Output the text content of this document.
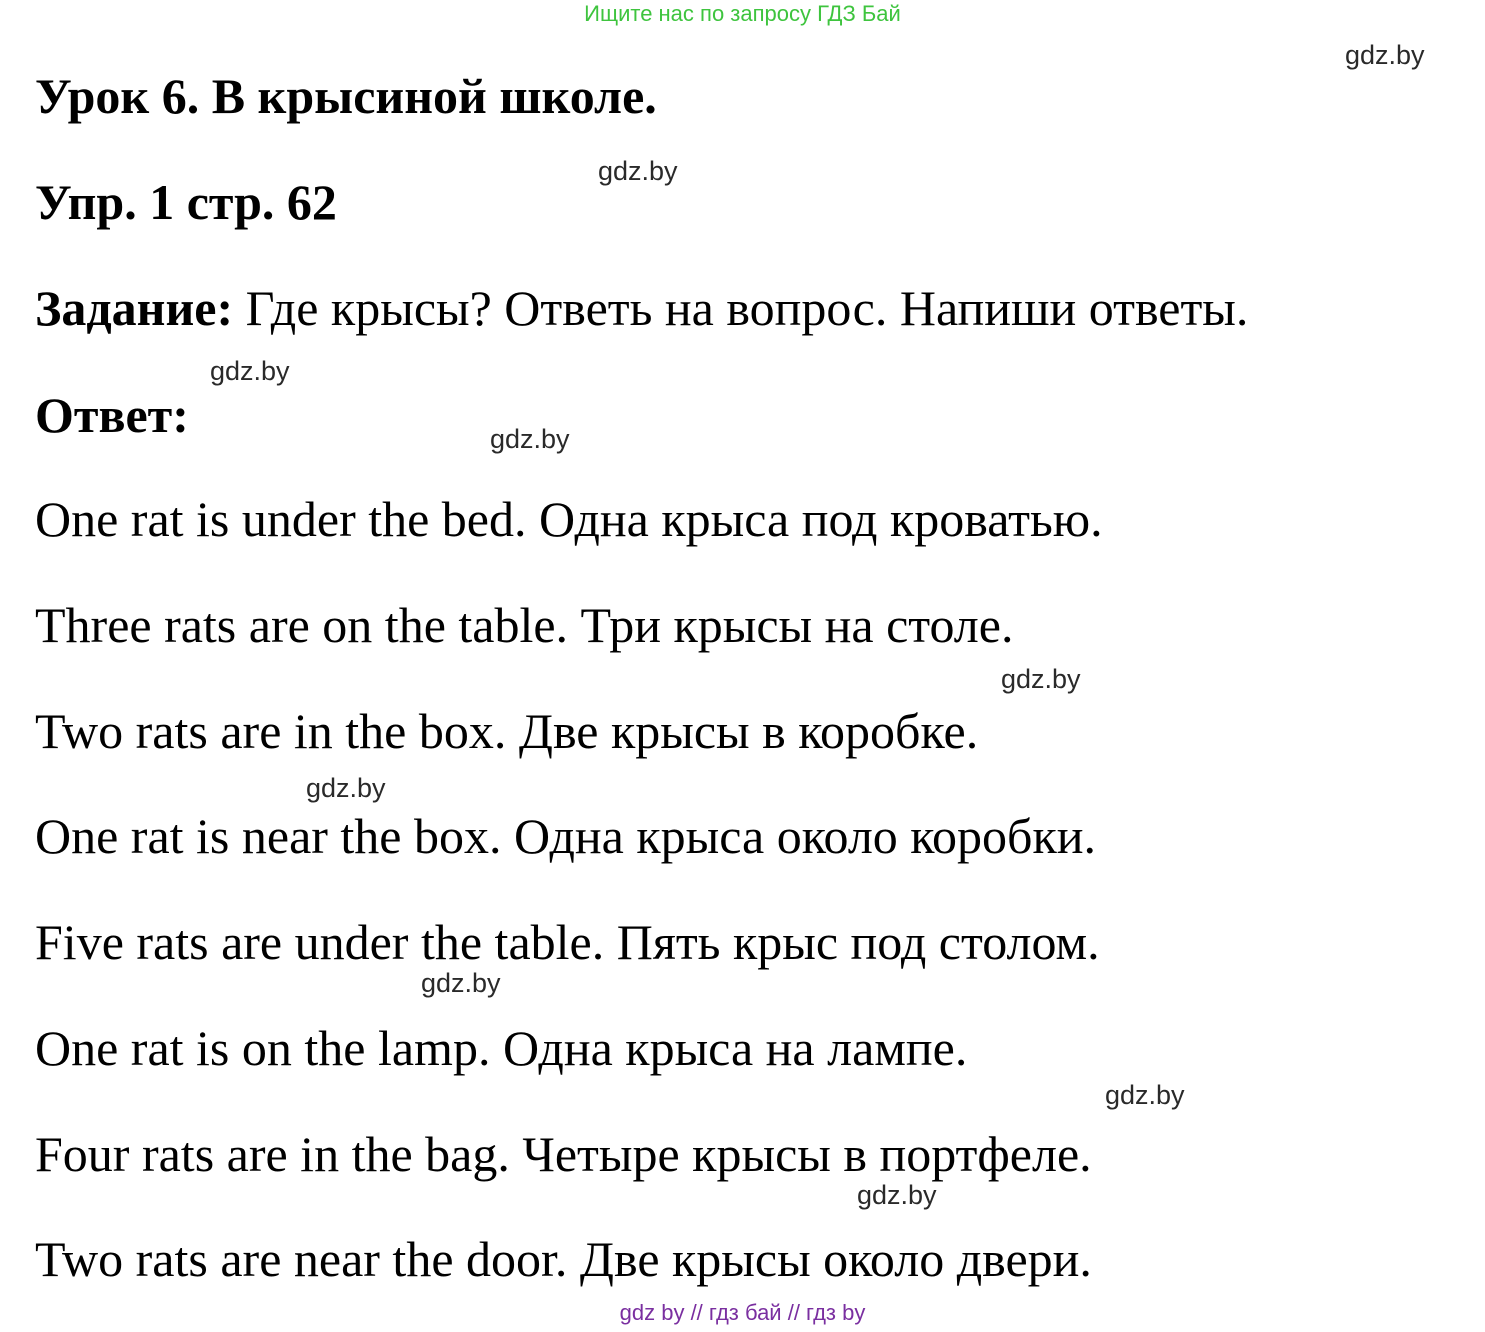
Ищите нас по запросу ГДЗ Бай
gdz.by
gdz.by
gdz.by
gdz.by
gdz.by
gdz.by
gdz.by
gdz.by
gdz.by
Урок 6. В крысиной школе.
Упр. 1 стр. 62
Задание: Где крысы? Ответь на вопрос. Напиши ответы.
Ответ:
One rat is under the bed. Одна крыса под кроватью.
Three rats are on the table. Три крысы на столе.
Two rats are in the box. Две крысы в коробке.
One rat is near the box. Одна крыса около коробки.
Five rats are under the table. Пять крыс под столом.
One rat is on the lamp. Одна крыса на лампе.
Four rats are in the bag. Четыре крысы в портфеле.
Two rats are near the door. Две крысы около двери.
gdz by // гдз бай // гдз by
